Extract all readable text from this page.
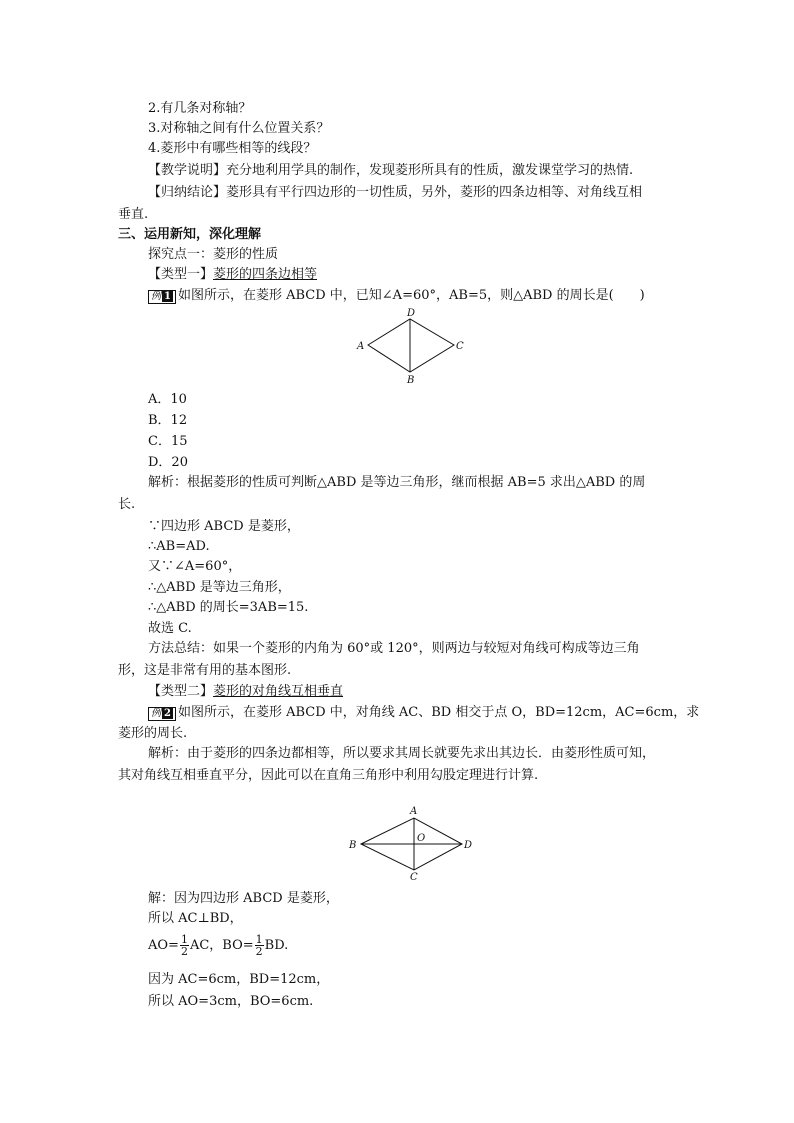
2.有几条对称轴？
3.对称轴之间有什么位置关系？
4.菱形中有哪些相等的线段？
【教学说明】充分地利用学具的制作，发现菱形所具有的性质，激发课堂学习的热情.
【归纳结论】菱形具有平行四边形的一切性质，另外，菱形的四条边相等、对角线互相
垂直.
三、运用新知，深化理解
探究点一：菱形的性质
【类型一】菱形的四条边相等
例 1 如图所示，在菱形 ABCD 中，已知∠A=60°，AB=5，则△ABD 的周长是(　　)
A
D
C
B
A．10
B．12
C．15
D．20
解析：根据菱形的性质可判断△ABD 是等边三角形，继而根据 AB=5 求出△ABD 的周
长.
∵四边形 ABCD 是菱形，
∴AB=AD.
又∵∠A=60°，
∴△ABD 是等边三角形，
∴△ABD 的周长=3AB=15.
故选 C.
方法总结：如果一个菱形的内角为 60°或 120°，则两边与较短对角线可构成等边三角
形，这是非常有用的基本图形.
【类型二】菱形的对角线互相垂直
例 2 如图所示，在菱形 ABCD 中，对角线 AC、BD 相交于点 O，BD=12cm，AC=6cm，求
菱形的周长.
解析：由于菱形的四条边都相等，所以要求其周长就要先求出其边长．由菱形性质可知，
其对角线互相垂直平分，因此可以在直角三角形中利用勾股定理进行计算.
A
B	D
C
O
解：因为四边形 ABCD 是菱形，
所以 AC⊥BD，
$AO= \frac{1}{2}$ AC，$BO= \frac{1}{2}$ BD.
因为 AC=6cm，BD=12cm，
所以 AO=3cm，BO=6cm.
